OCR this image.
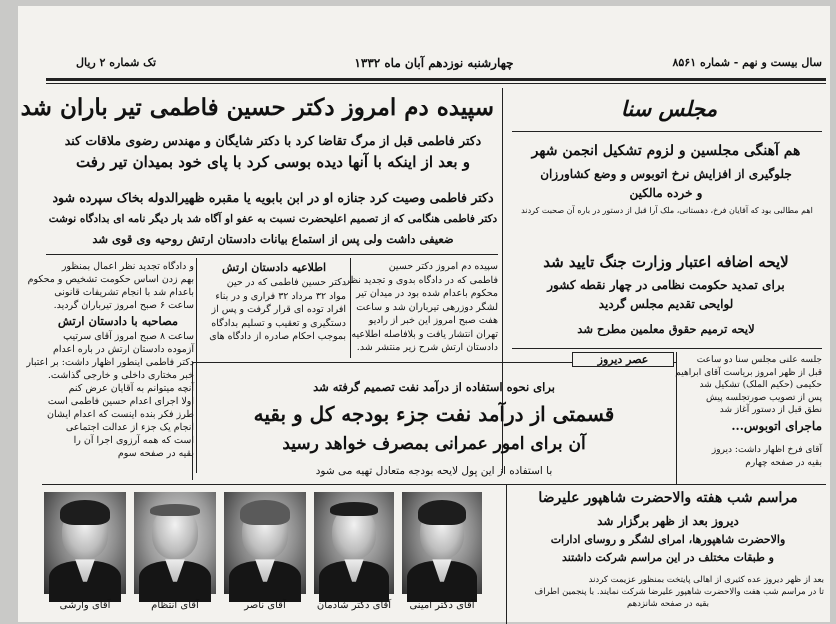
سال بیست و نهم - شماره ۸۵۶۱
چهارشنبه نوزدهم آبان ماه ۱۳۳۲
تک شماره ۲ ریال
سپیده دم امروز دکتر حسین فاطمی تیر باران شد
دکتر فاطمی قبل از مرگ تقاضا کرد با دکتر شایگان و مهندس رضوی ملاقات کند
و بعد از اینکه با آنها دیده بوسی کرد با پای خود بمیدان تیر رفت
دکتر فاطمی وصیت کرد جنازه او در ابن بابویه یا مقبره ظهیرالدوله بخاک سپرده شود
دکتر فاطمی هنگامی که از تصمیم اعلیحضرت نسبت به عفو او آگاه شد بار دیگر نامه ای بدادگاه نوشت
ضعیفی داشت ولی پس از استماع بیانات دادستان ارتش روحیه وی قوی شد
و دادگاه تجدید نظر اعمال بمنظور
بهم زدن اساس حکومت تشخیص و محکوم
باعدام شد با انجام تشریفات قانونی
ساعت ۶ صبح امروز تیرباران گردید.
مصاحبه با دادستان ارتش
ساعت ۸ صبح امروز آقای سرتیپ
آزموده دادستان ارتش در باره اعدام
دکتر فاطمی اینطور اظهار داشت: بر اعتبار
خبر مختاری داخلی و خارجی گذاشت.
آنچه میتوانم به آقایان عرض کنم
اولا اجرای اعدام حسین فاطمی است
طرز فکر بنده اینست که اعدام ایشان
انجام یک جزء از عدالت اجتماعی
است که همه آرزوی اجرا آن را
بقیه در صفحه سوم
اطلاعیه دادستان ارتش
دکتر حسین فاطمی که در حین
مواد ۳۲ مرداد ۳۲ فراری و در بناء
افراد توده ای قرار گرفت و پس از
دستگیری و تعقیب و تسلیم بدادگاه
بموجب احکام صادره از دادگاه های
سپیده دم امروز دکتر حسین
فاطمی که در دادگاه بدوی و تجدید نظر
محکوم باعدام شده بود در میدان تیر
لشگر دوزرهی تیرباران شد و ساعت
هفت صبح امروز این خبر از رادیو
تهران انتشار یافت و بلافاصله اطلاعیه
دادستان ارتش شرح زیر منتشر شد.
مجلس سنا
هم آهنگی مجلسین و لزوم تشکیل انجمن شهر
جلوگیری از افزایش نرخ اتوبوس و وضع کشاورزان
و خرده مالکین
اهم مطالبی بود که آقایان فرخ، دهستانی، ملک آرا قبل از دستور در باره آن صحبت کردند
لایحه اضافه اعتبار وزارت جنگ تایید شد
برای تمدید حکومت نظامی در چهار نقطه کشور
لوایحی تقدیم مجلس گردید
لایحه ترمیم حقوق معلمین مطرح شد
جلسه علنی مجلس سنا دو ساعت
قبل از ظهر امروز بریاست آقای ابراهیم
حکیمی (حکیم الملک) تشکیل شد
پس از تصویب صورتجلسه پیش
نطق قبل از دستور آغاز شد
ماجرای اتوبوس...
آقای فرخ اظهار داشت: دیروز
بقیه در صفحه چهارم
عصر دیروز
برای نحوه استفاده از درآمد نفت تصمیم گرفته شد
قسمتی از درآمد نفت جزء بودجه کل و بقیه
آن برای امور عمرانی بمصرف خواهد رسید
با استفاده از این پول لایحه بودجه متعادل تهیه می شود
مراسم شب هفته والاحضرت شاهپور علیرضا
دیروز بعد از ظهر برگزار شد
والاحضرت شاهپورها، امرای لشگر و روسای ادارات
و طبقات مختلف در این مراسم شرکت داشتند
بعد از ظهر دیروز عده کثیری از اهالی پایتخت بمنظور عزیمت کردند
تا در مراسم شب هفت والاحضرت شاهپور علیرضا شرکت نمایند. با پنجمین اطراف
بقیه در صفحه شانزدهم
آقای دکتر امینی
آقای دکتر شادمان
آقای ناصر
آقای انتظام
آقای وارشی
